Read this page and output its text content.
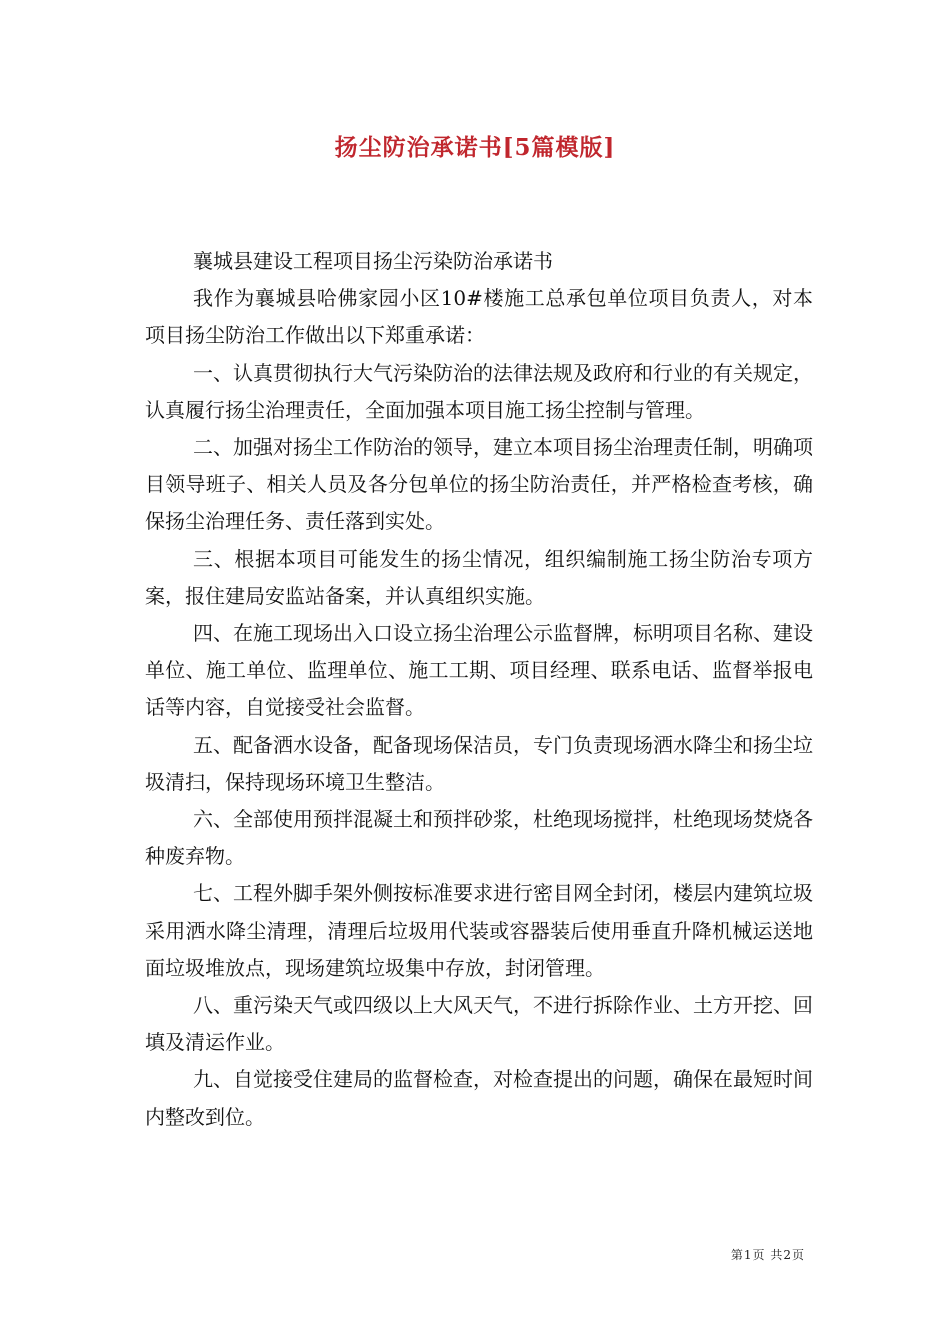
扬尘防治承诺书[5篇模版]

襄城县建设工程项目扬尘污染防治承诺书

我作为襄城县哈佛家园小区10#楼施工总承包单位项目负责人，对本项目扬尘防治工作做出以下郑重承诺：

一、认真贯彻执行大气污染防治的法律法规及政府和行业的有关规定，认真履行扬尘治理责任，全面加强本项目施工扬尘控制与管理。

二、加强对扬尘工作防治的领导，建立本项目扬尘治理责任制，明确项目领导班子、相关人员及各分包单位的扬尘防治责任，并严格检查考核，确保扬尘治理任务、责任落到实处。

三、根据本项目可能发生的扬尘情况，组织编制施工扬尘防治专项方案，报住建局安监站备案，并认真组织实施。

四、在施工现场出入口设立扬尘治理公示监督牌，标明项目名称、建设单位、施工单位、监理单位、施工工期、项目经理、联系电话、监督举报电话等内容，自觉接受社会监督。

五、配备洒水设备，配备现场保洁员，专门负责现场洒水降尘和扬尘垃圾清扫，保持现场环境卫生整洁。

六、全部使用预拌混凝土和预拌砂浆，杜绝现场搅拌，杜绝现场焚烧各种废弃物。

七、工程外脚手架外侧按标准要求进行密目网全封闭，楼层内建筑垃圾采用洒水降尘清理，清理后垃圾用代装或容器装后使用垂直升降机械运送地面垃圾堆放点，现场建筑垃圾集中存放，封闭管理。

八、重污染天气或四级以上大风天气，不进行拆除作业、土方开挖、回填及清运作业。

九、自觉接受住建局的监督检查，对检查提出的问题，确保在最短时间内整改到位。

第1页 共2页
